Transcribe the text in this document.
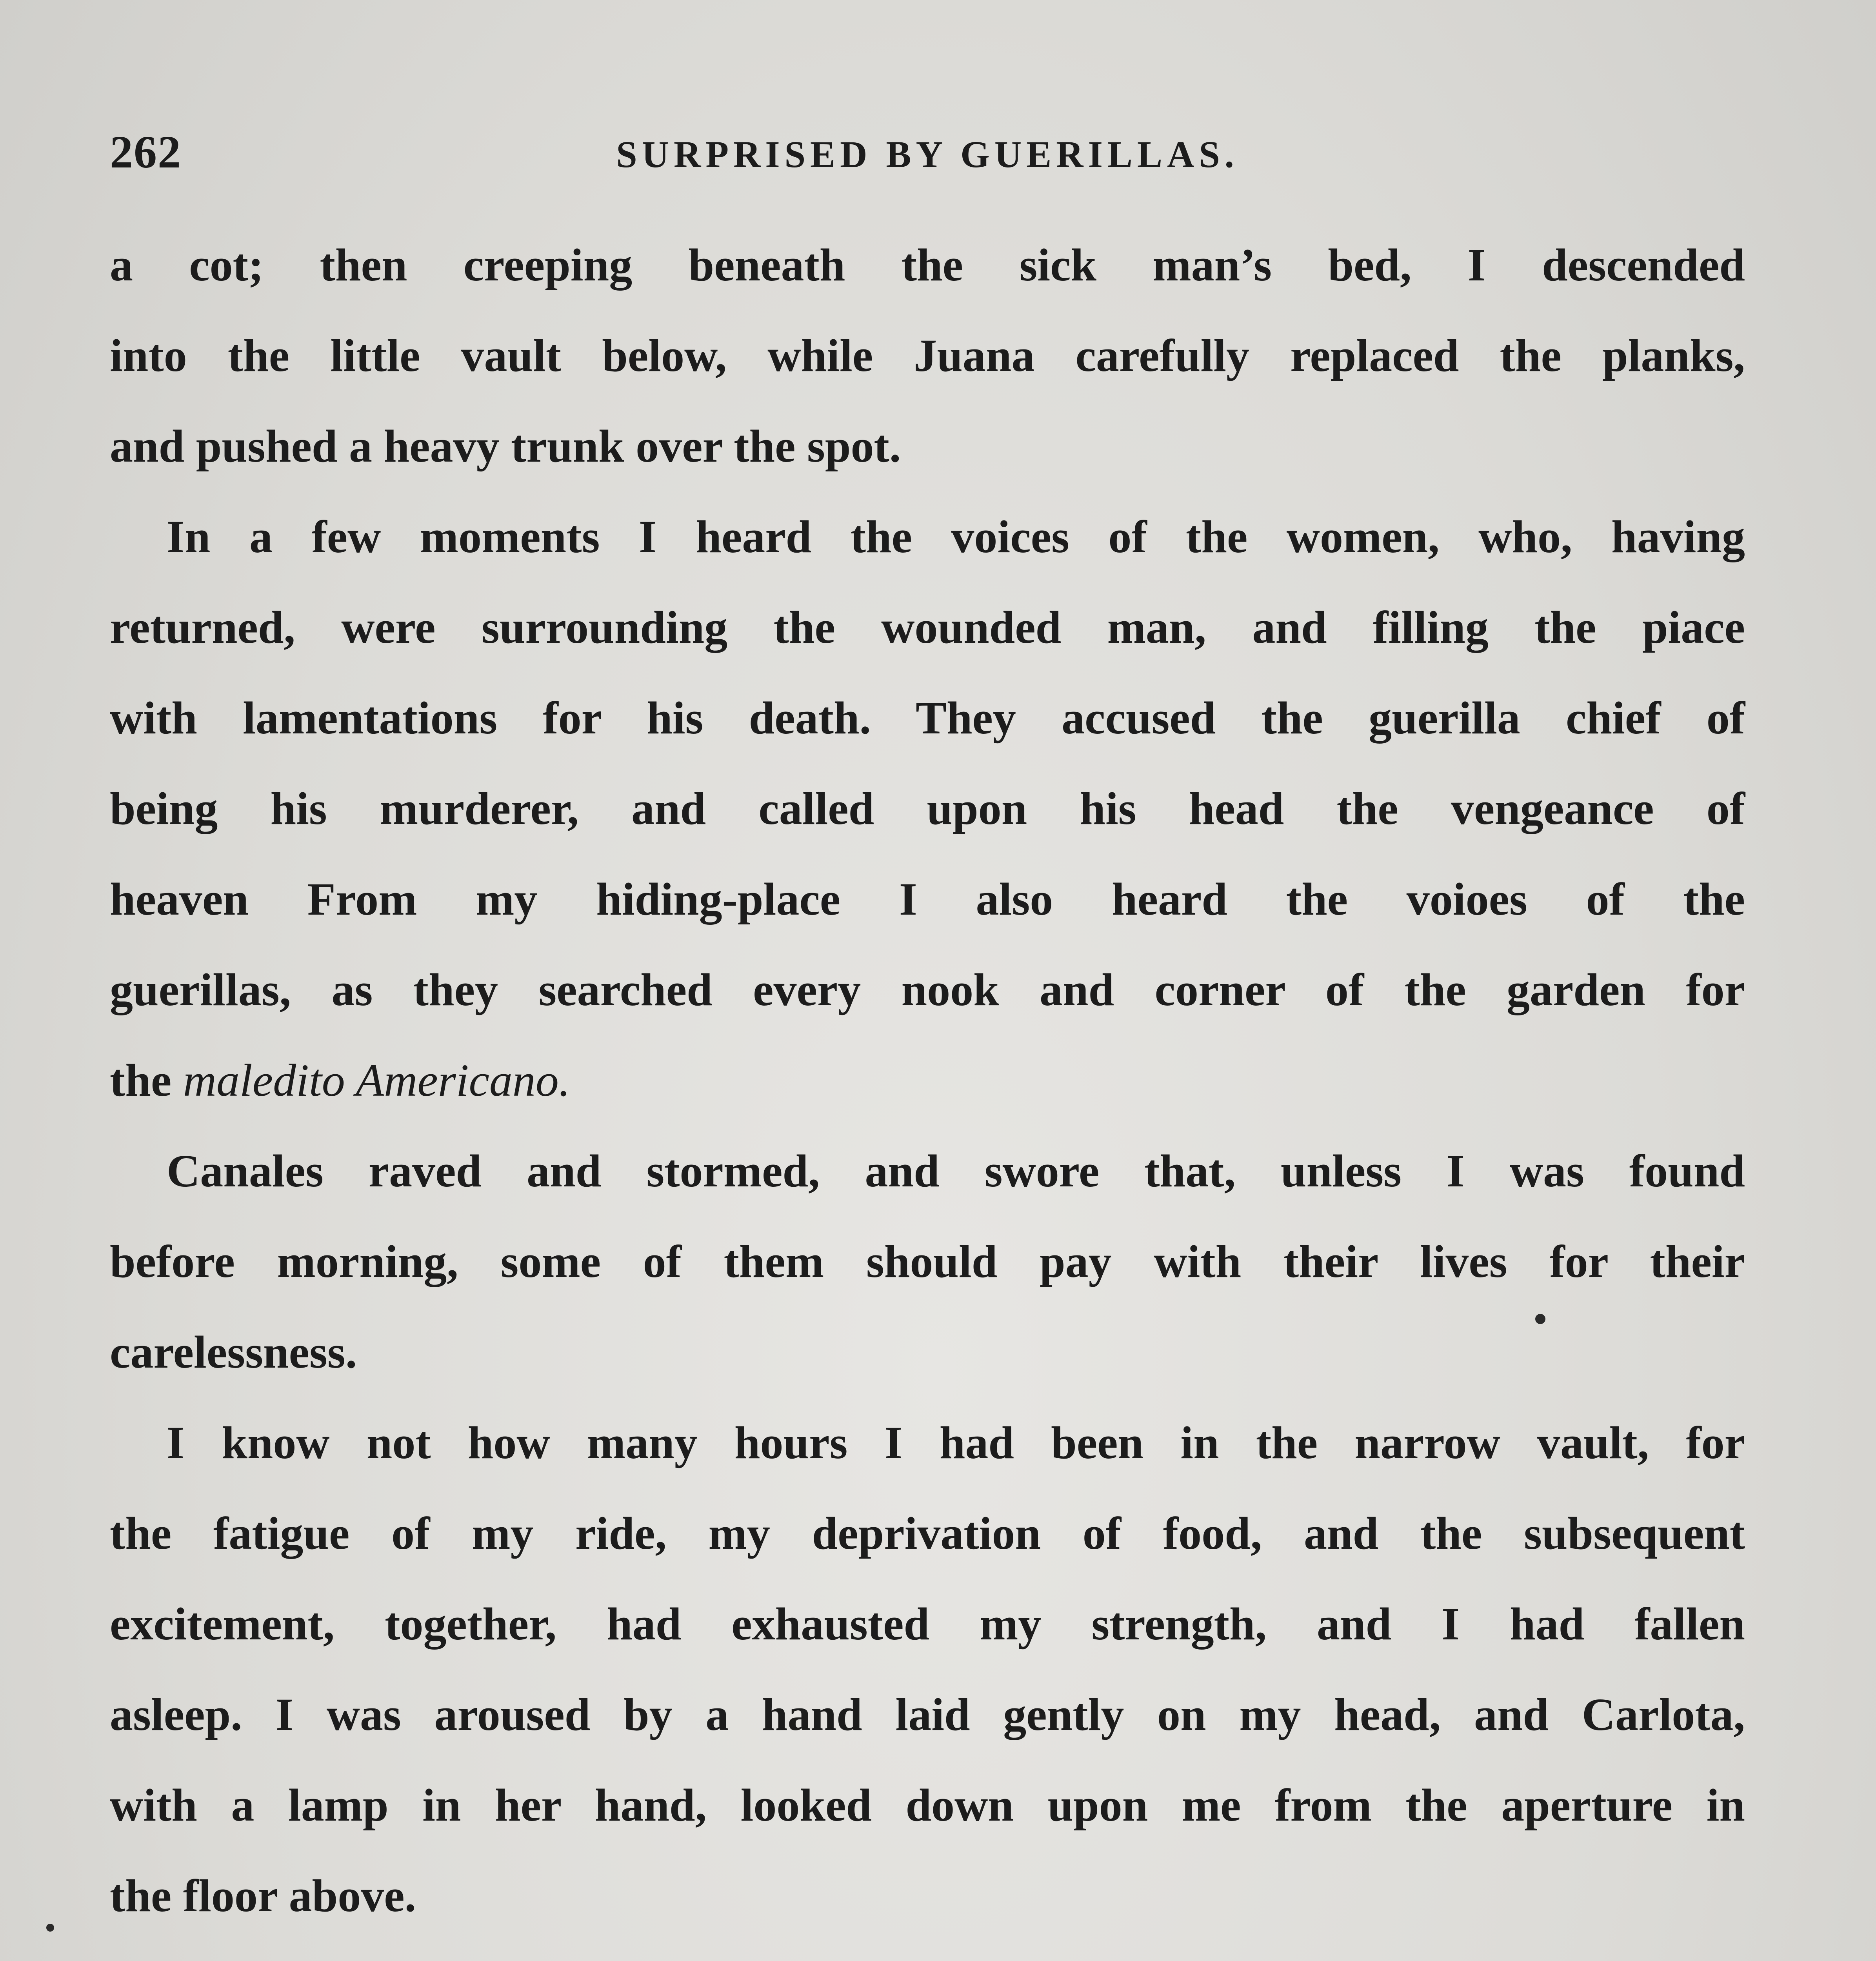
262	SURPRISED BY GUERILLAS.

a cot; then creeping beneath the sick man’s bed, I descended

into the little vault below, while Juana carefully replaced the planks,

and pushed a heavy trunk over the spot.

In a few moments I heard the voices of the women, who, having

returned, were surrounding the wounded man, and filling the piace

with lamentations for his death. They accused the guerilla chief of

being his murderer, and called upon his head the vengeance of

heaven From my hiding-place I also heard the voioes of the

guerillas, as they searched every nook and corner of the garden for

the maledito Americano.

Canales raved and stormed, and swore that, unless I was found

before morning, some of them should pay with their lives for their

carelessness.

I know not how many hours I had been in the narrow vault, for

the fatigue of my ride, my deprivation of food, and the subsequent

excitement, together, had exhausted my strength, and I had fallen

asleep. I was aroused by a hand laid gently on my head, and Carlota,

with a lamp in her hand, looked down upon me from the aperture in

the floor above.
